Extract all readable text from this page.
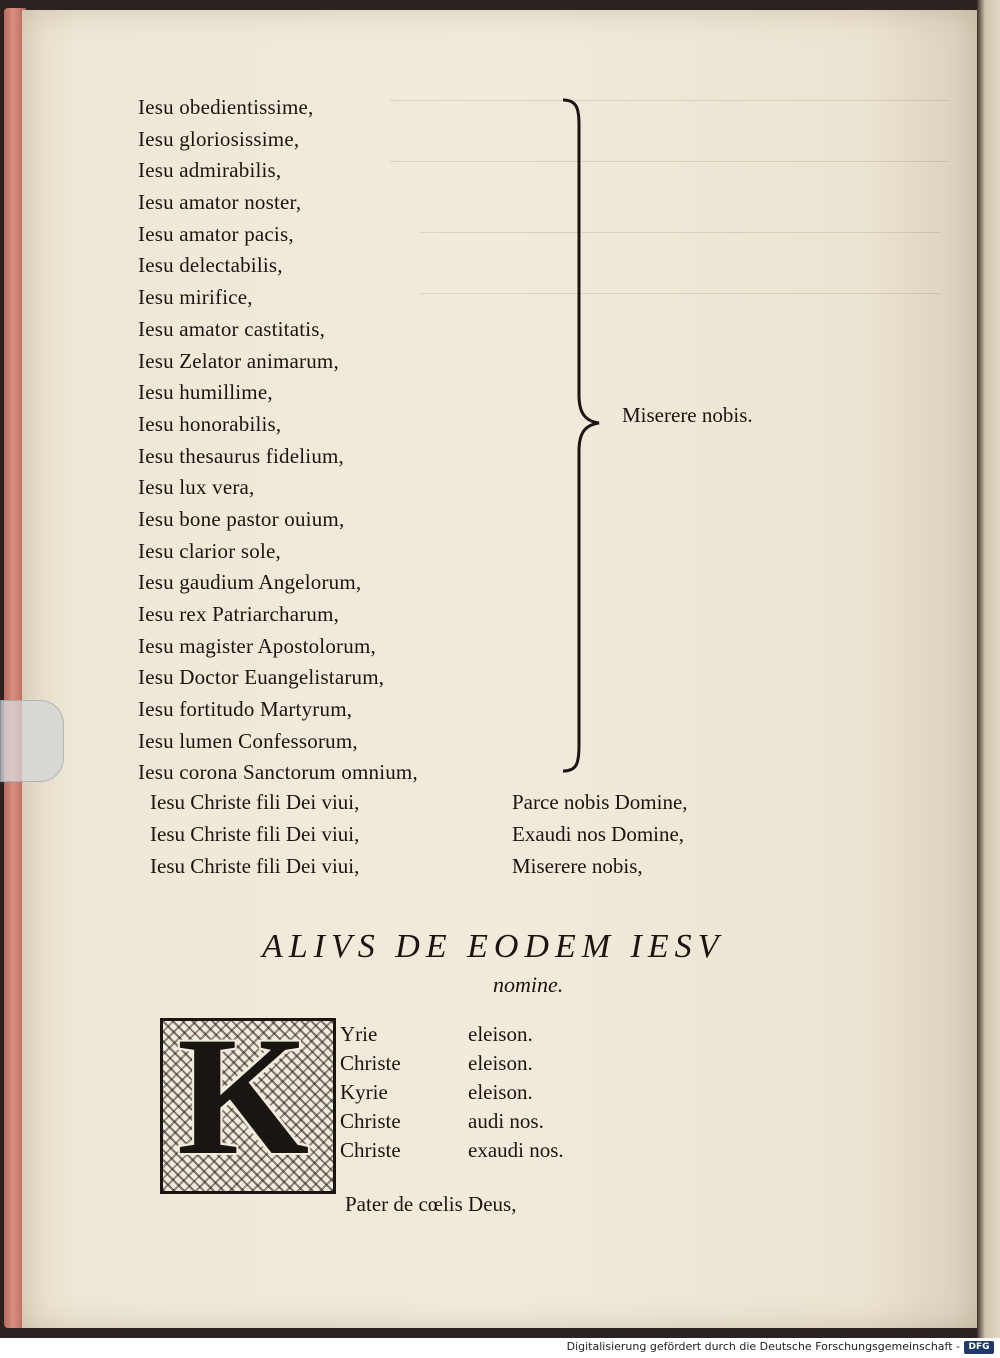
Iesu obedientissime,
Iesu gloriosissime,
Iesu admirabilis,
Iesu amator noster,
Iesu amator pacis,
Iesu delectabilis,
Iesu mirifice,
Iesu amator castitatis,
Iesu Zelator animarum,
Iesu humillime,
Iesu honorabilis,
Iesu thesaurus fidelium,
Iesu lux vera,
Iesu bone pastor ouium,
Iesu clarior sole,
Iesu gaudium Angelorum,
Iesu rex Patriarcharum,
Iesu magister Apostolorum,
Iesu Doctor Euangelistarum,
Iesu fortitudo Martyrum,
Iesu lumen Confessorum,
Iesu corona Sanctorum omnium,
Miserere nobis.
Iesu Christe fili Dei viui,	Parce nobis Domine,
Iesu Christe fili Dei viui,	Exaudi nos Domine,
Iesu Christe fili Dei viui,	Miserere nobis,
ALIVS DE EODEM IESV
nomine.
K Yrie	eleison.
Christe	eleison.
Kyrie	eleison.
Christe	audi nos.
Christe	exaudi nos.
Pater de cœlis Deus,
Digitalisierung gefördert durch die Deutsche Forschungsgemeinschaft - DFG
